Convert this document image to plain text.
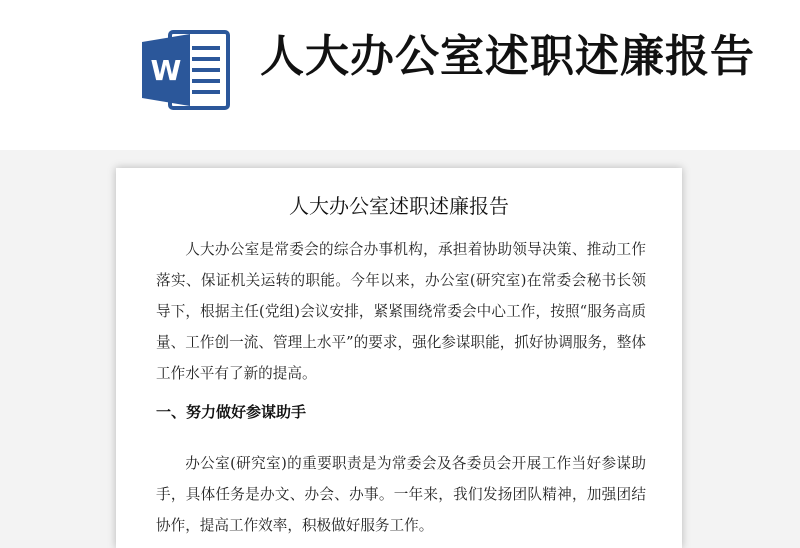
W 人大办公室述职述廉报告
人大办公室述职述廉报告

人大办公室是常委会的综合办事机构，承担着协助领导决策、推动工作落实、保证机关运转的职能。今年以来，办公室(研究室)在常委会秘书长领导下，根据主任(党组)会议安排，紧紧围绕常委会中心工作，按照“服务高质量、工作创一流、管理上水平”的要求，强化参谋职能，抓好协调服务，整体工作水平有了新的提高。

一、努力做好参谋助手

办公室(研究室)的重要职责是为常委会及各委员会开展工作当好参谋助手，具体任务是办文、办会、办事。一年来，我们发扬团队精神，加强团结协作，提高工作效率，积极做好服务工作。
